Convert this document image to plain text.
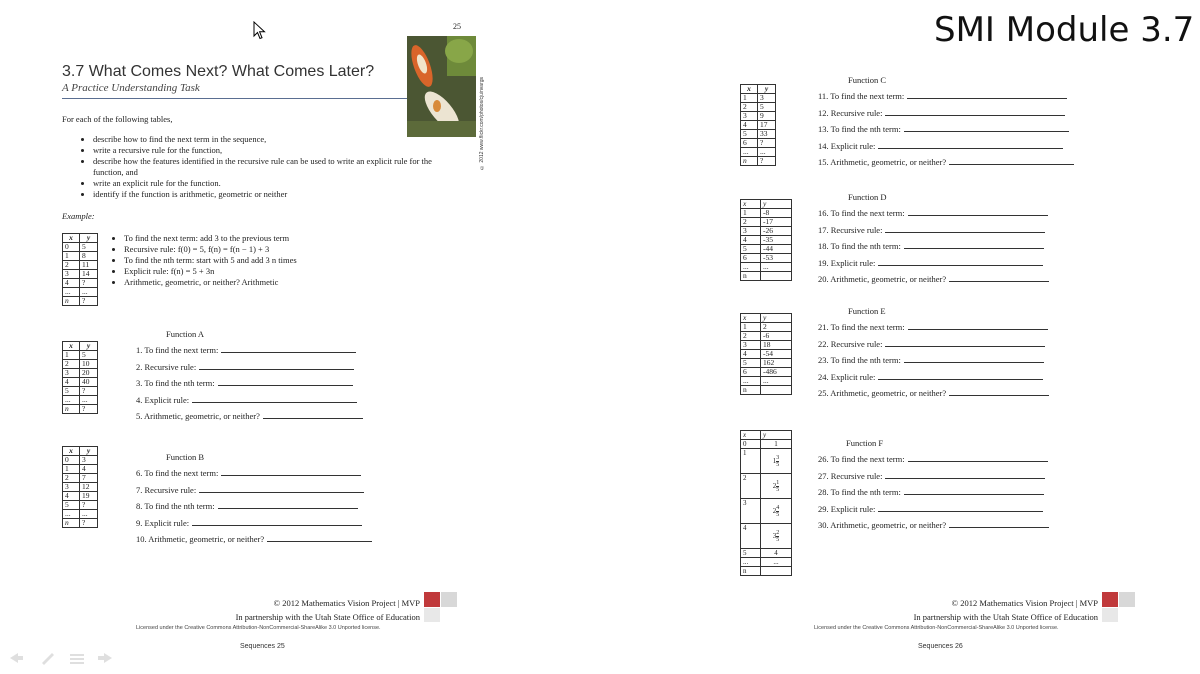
SMI Module 3.7
25
3.7 What Comes Next? What Comes Later?
A Practice Understanding Task	© 2012 www.flickr.com/photos/cjuinvargs
For each of the following tables,
• describe how to find the next term in the sequence,
• write a recursive rule for the function,
• describe how the features identified in the recursive rule can be used to write an explicit rule for the function, and
• write an explicit rule for the function.
• identify if the function is arithmetic, geometric or neither
Example:
x	y
0	5
1	8
2	11
3	14
4	?
...	...
n	?
• To find the next term: add 3 to the previous term
• Recursive rule: f(0) = 5, f(n) = f(n − 1) + 3
• To find the nth term: start with 5 and add 3 n times
• Explicit rule: f(n) = 5 + 3n
• Arithmetic, geometric, or neither? Arithmetic
Function A
x	y
1	5
2	10
3	20
4	40
5	?
...	...
n	?
1. To find the next term:
2. Recursive rule:
3. To find the nth term:
4. Explicit rule:
5. Arithmetic, geometric, or neither?
Function B
x	y
0	3
1	4
2	7
3	12
4	19
5	?
...	...
n	?
6. To find the next term:
7. Recursive rule:
8. To find the nth term:
9. Explicit rule:
10. Arithmetic, geometric, or neither?
© 2012 Mathematics Vision Project | MVP
In partnership with the Utah State Office of Education
Licensed under the Creative Commons Attribution-NonCommercial-ShareAlike 3.0 Unported license.
Sequences 25
Function C
x	y
1	3
2	5
3	9
4	17
5	33
6	?
...	...
n	?
11. To find the next term:
12. Recursive rule:
13. To find the nth term:
14. Explicit rule:
15. Arithmetic, geometric, or neither?
Function D
x	y
1	-8
2	-17
3	-26
4	-35
5	-44
6	-53
...	...
n	
16. To find the next term:
17. Recursive rule:
18. To find the nth term:
19. Explicit rule:
20. Arithmetic, geometric, or neither?
Function E
x	y
1	2
2	-6
3	18
4	-54
5	162
6	-486
...	...
n	
21. To find the next term:
22. Recursive rule:
23. To find the nth term:
24. Explicit rule:
25. Arithmetic, geometric, or neither?
Function F
x	y
0	1
1	$1 \frac{3}{5}$

2	$2 \frac{1}{5}$

3	$2 \frac{4}{5}$

4	$3 \frac{2}{5}$

5	4
...	...
n	
26. To find the next term:
27. Recursive rule:
28. To find the nth term:
29. Explicit rule:
30. Arithmetic, geometric, or neither?
© 2012 Mathematics Vision Project | MVP
In partnership with the Utah State Office of Education
Licensed under the Creative Commons Attribution-NonCommercial-ShareAlike 3.0 Unported license.
Sequences 26
